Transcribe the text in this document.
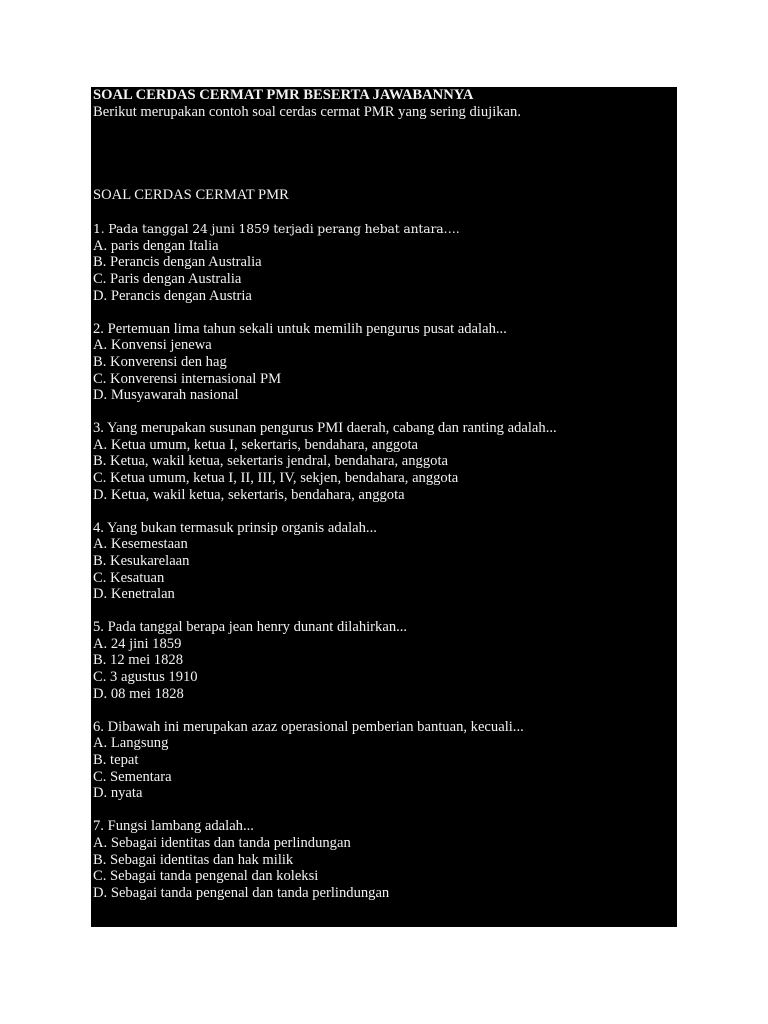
SOAL CERDAS CERMAT PMR BESERTA JAWABANNYA

Berikut merupakan contoh soal cerdas cermat PMR yang sering diujikan.

SOAL CERDAS CERMAT PMR

1. Pada tanggal 24 juni 1859 terjadi perang hebat antara….
A. paris dengan Italia
B. Perancis dengan Australia
C. Paris dengan Australia
D. Perancis dengan Austria
2. Pertemuan lima tahun sekali untuk memilih pengurus pusat adalah...
A. Konvensi jenewa
B. Konverensi den hag
C. Konverensi internasional PM
D. Musyawarah nasional
3. Yang merupakan susunan pengurus PMI daerah, cabang dan ranting adalah...
A. Ketua umum, ketua I, sekertaris, bendahara, anggota
B. Ketua, wakil ketua, sekertaris jendral, bendahara, anggota
C. Ketua umum, ketua I, II, III, IV, sekjen, bendahara, anggota
D. Ketua, wakil ketua, sekertaris, bendahara, anggota
4. Yang bukan termasuk prinsip organis adalah...
A. Kesemestaan
B. Kesukarelaan
C. Kesatuan
D. Kenetralan
5. Pada tanggal berapa jean henry dunant dilahirkan...
A. 24 jini 1859
B. 12 mei 1828
C. 3 agustus 1910
D. 08 mei 1828
6. Dibawah ini merupakan azaz operasional pemberian bantuan, kecuali...
A. Langsung
B. tepat
C. Sementara
D. nyata
7. Fungsi lambang adalah...
A. Sebagai identitas dan tanda perlindungan
B. Sebagai identitas dan hak milik
C. Sebagai tanda pengenal dan koleksi
D. Sebagai tanda pengenal dan tanda perlindungan
